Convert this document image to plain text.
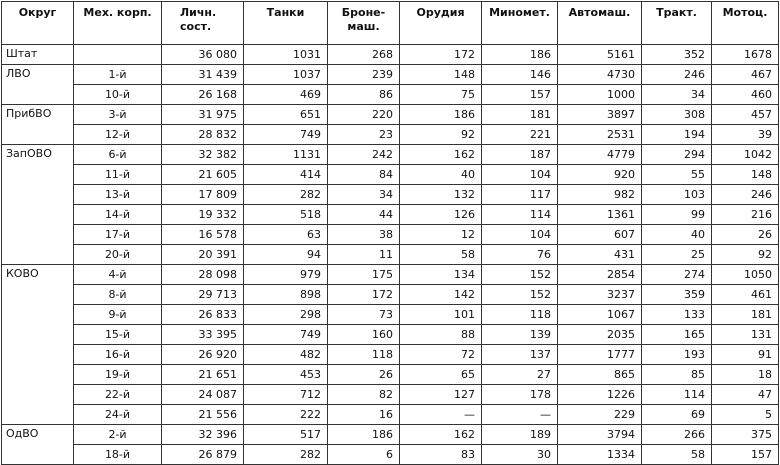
Округ	Мех. корп.	Личн. сост.	Танки	Броне- маш.	Орудия	Миномет.	Автомаш.	Тракт.	Мотоц.
Штат		36 080	1031	268	172	186	5161	352	1678
ЛВО	1-й	31 439	1037	239	148	146	4730	246	467
	10-й	26 168	469	86	75	157	1000	34	460
ПрибВО	3-й	31 975	651	220	186	181	3897	308	457
	12-й	28 832	749	23	92	221	2531	194	39
ЗапОВО	6-й	32 382	1131	242	162	187	4779	294	1042
	11-й	21 605	414	84	40	104	920	55	148
	13-й	17 809	282	34	132	117	982	103	246
	14-й	19 332	518	44	126	114	1361	99	216
	17-й	16 578	63	38	12	104	607	40	26
	20-й	20 391	94	11	58	76	431	25	92
КОВО	4-й	28 098	979	175	134	152	2854	274	1050
	8-й	29 713	898	172	142	152	3237	359	461
	9-й	26 833	298	73	101	118	1067	133	181
	15-й	33 395	749	160	88	139	2035	165	131
	16-й	26 920	482	118	72	137	1777	193	91
	19-й	21 651	453	26	65	27	865	85	18
	22-й	24 087	712	82	127	178	1226	114	47
	24-й	21 556	222	16	—	—	229	69	5
ОдВО	2-й	32 396	517	186	162	189	3794	266	375
	18-й	26 879	282	6	83	30	1334	58	157
